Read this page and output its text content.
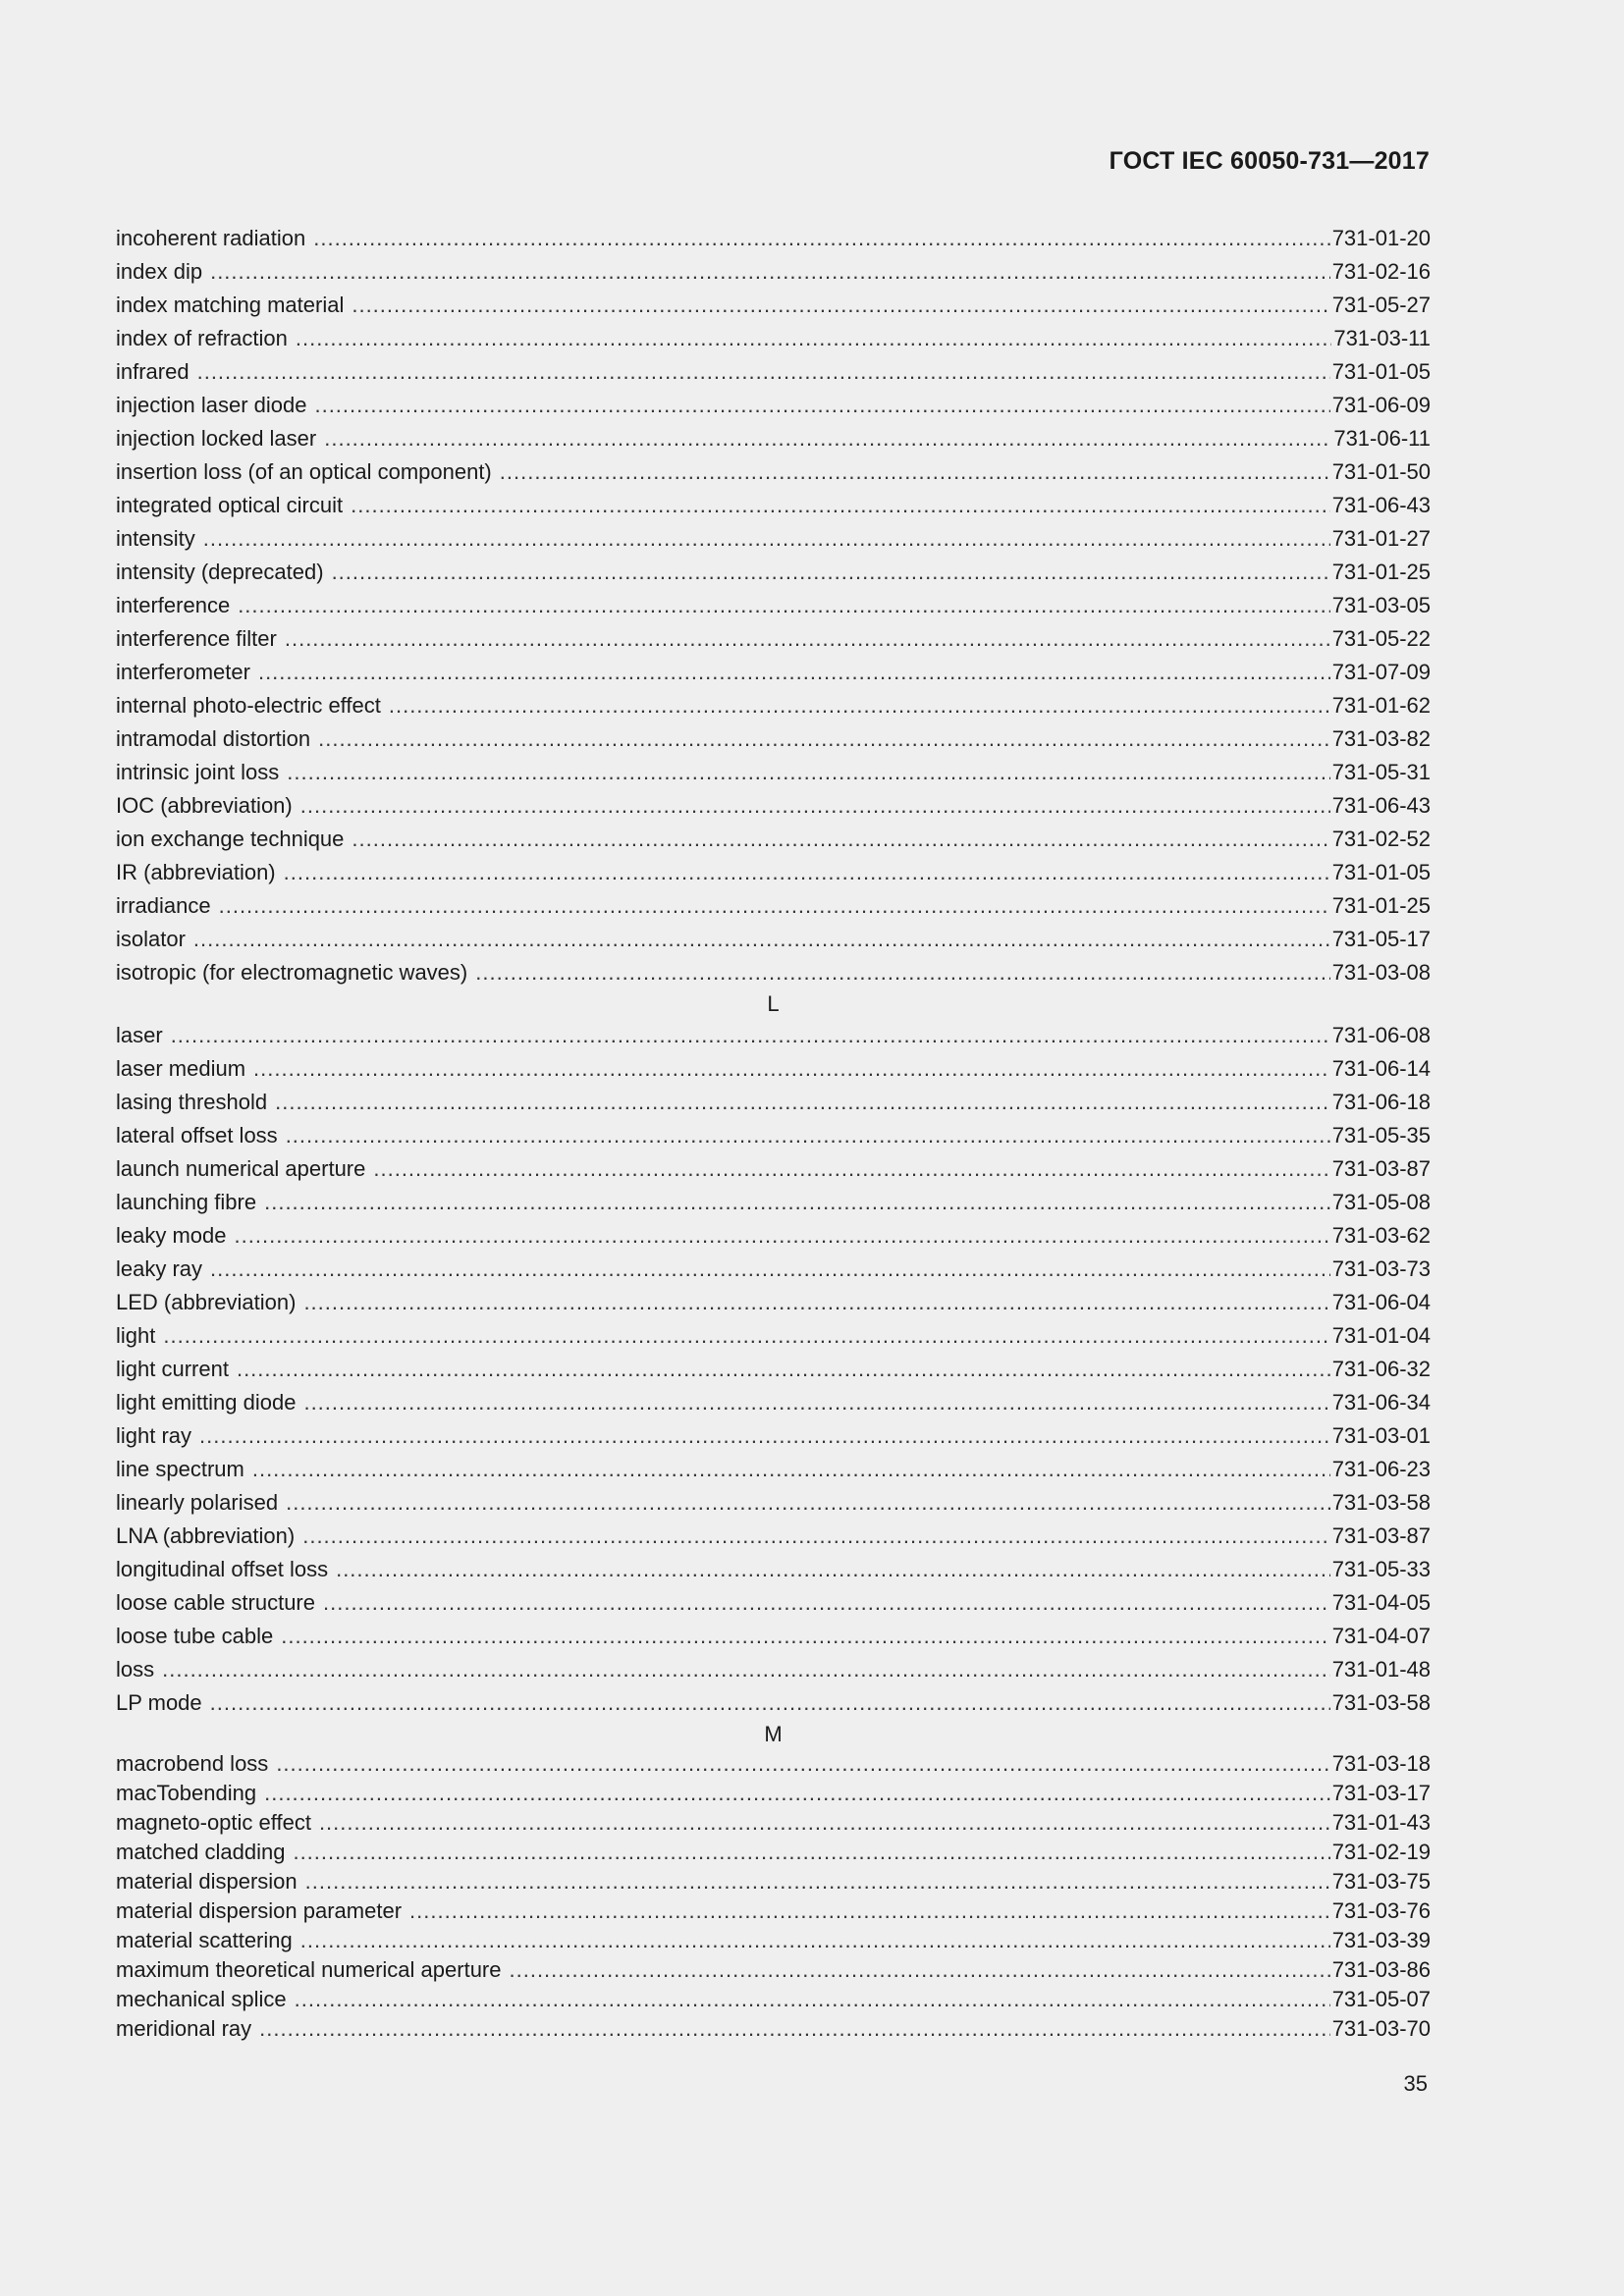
ГОСТ IEC 60050-731—2017
incoherent radiation .....	731-01-20
index dip .....	731-02-16
index matching material .....	731-05-27
index of refraction .....	731-03-11
infrared .....	731-01-05
injection laser diode .....	731-06-09
injection locked laser .....	731-06-11
insertion loss (of an optical component) .....	731-01-50
integrated optical circuit .....	731-06-43
intensity .....	731-01-27
intensity (deprecated) .....	731-01-25
interference .....	731-03-05
interference filter .....	731-05-22
interferometer .....	731-07-09
internal photo-electric effect .....	731-01-62
intramodal distortion .....	731-03-82
intrinsic joint loss .....	731-05-31
IOC (abbreviation) .....	731-06-43
ion exchange technique .....	731-02-52
IR (abbreviation) .....	731-01-05
irradiance .....	731-01-25
isolator .....	731-05-17
isotropic (for electromagnetic waves) .....	731-03-08
L
laser .....	731-06-08
laser medium .....	731-06-14
lasing threshold .....	731-06-18
lateral offset loss .....	731-05-35
launch numerical aperture .....	731-03-87
launching fibre .....	731-05-08
leaky mode .....	731-03-62
leaky ray .....	731-03-73
LED (abbreviation) .....	731-06-04
light .....	731-01-04
light current .....	731-06-32
light emitting diode .....	731-06-34
light ray .....	731-03-01
line spectrum .....	731-06-23
linearly polarised .....	731-03-58
LNA (abbreviation) .....	731-03-87
longitudinal offset loss .....	731-05-33
loose cable structure .....	731-04-05
loose tube cable .....	731-04-07
loss .....	731-01-48
LP mode .....	731-03-58
M
macrobend loss .....	731-03-18
macTobending .....	731-03-17
magneto-optic effect .....	731-01-43
matched cladding .....	731-02-19
material dispersion .....	731-03-75
material dispersion parameter .....	731-03-76
material scattering .....	731-03-39
maximum theoretical numerical aperture .....	731-03-86
mechanical splice .....	731-05-07
meridional ray .....	731-03-70
35
